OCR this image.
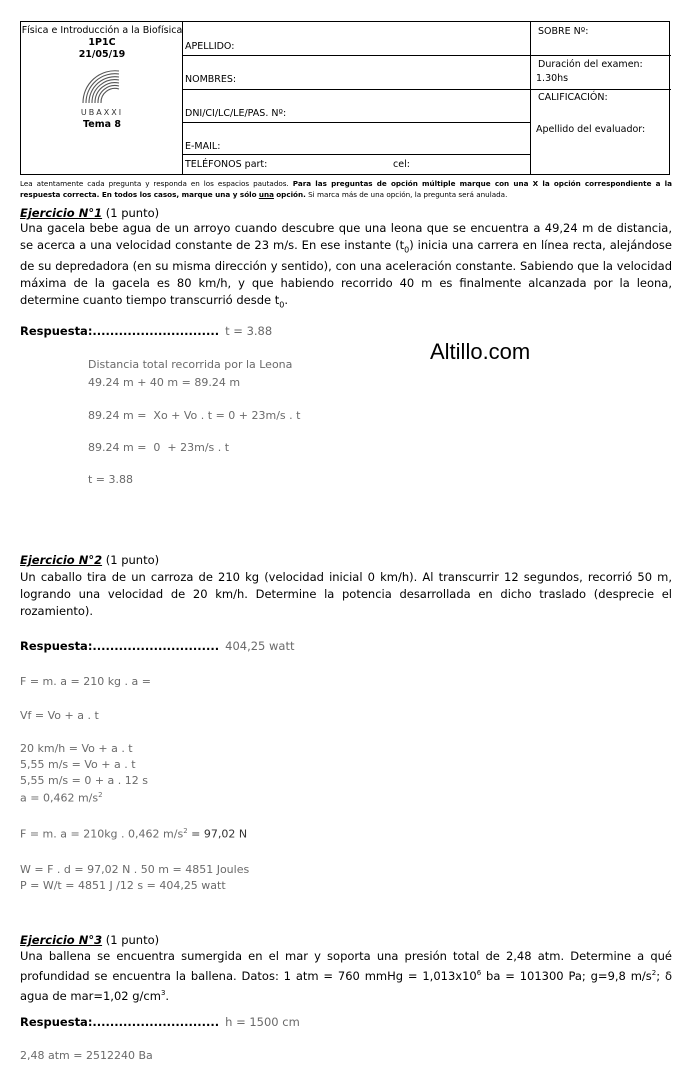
Física e Introducción a la Biofísica
1P1C
21/05/19
UBAXXI
Tema 8
APELLIDO:
NOMBRES:
DNI/CI/LC/LE/PAS. Nº:
E-MAIL:
TELÉFONOS part:	cel:
SOBRE Nº:
Duración del examen:
1.30hs
CALIFICACIÓN:
Apellido del evaluador:
Lea atentamente cada pregunta y responda en los espacios pautados. Para las preguntas de opción múltiple marque con una X la opción correspondiente a la respuesta correcta. En todos los casos, marque una y sólo una opción. Si marca más de una opción, la pregunta será anulada.
Altillo.com
Ejercicio N°1 (1 punto)
Una gacela bebe agua de un arroyo cuando descubre que una leona que se encuentra a 49,24 m de distancia, se acerca a una velocidad constante de 23 m/s. En ese instante $(t_0)$ inicia una carrera en línea recta, alejándose de su depredadora (en su misma dirección y sentido), con una aceleración constante. Sabiendo que la velocidad máxima de la gacela es 80 km/h, y que habiendo recorrido 40 m es finalmente alcanzada por la leona, determine cuanto tiempo transcurrió desde $t_0$.
Respuesta:............................. t = 3.88
Distancia total recorrida por la Leona
49.24 m + 40 m = 89.24 m
89.24 m =  Xo + Vo . t = 0 + 23m/s . t
89.24 m =  0  + 23m/s . t
t = 3.88
Ejercicio N°2 (1 punto)
Un caballo tira de un carroza de 210 kg (velocidad inicial 0 km/h). Al transcurrir 12 segundos, recorrió 50 m, logrando una velocidad de 20 km/h. Determine la potencia desarrollada en dicho traslado (desprecie el rozamiento).
Respuesta:............................. 404,25 watt
F = m. a = 210 kg . a =
Vf = Vo + a . t
20 km/h = Vo + a . t
5,55 m/s = Vo + a . t
5,55 m/s = 0 + a . 12 s
a = 0,462 $m/s^2$
F = m. a = 210kg . 0,462 $m/s^2 = 97,02$ N
W = F . d = 97,02 N . 50 m = 4851 Joules
P = W/t = 4851 J /12 s = 404,25 watt
Ejercicio N°3 (1 punto)
Una ballena se encuentra sumergida en el mar y soporta una presión total de 2,48 atm. Determine a qué profundidad se encuentra la ballena. Datos: 1 atm = 760 mmHg = $1,013x10^6$ ba = 101300 Pa; g=9,8 $m/s^2$; δ agua de mar=1,02 $g/cm^3$.
Respuesta:............................. h = 1500 cm
2,48 atm = 2512240 Ba
